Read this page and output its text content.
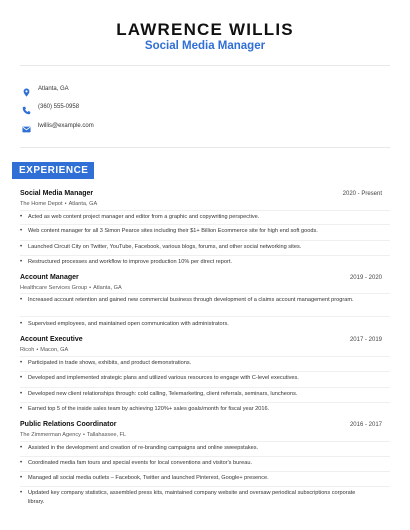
LAWRENCE WILLIS
Social Media Manager
Atlanta, GA
(360) 555-0958
lwillis@example.com
EXPERIENCE
Social Media Manager	2020 - Present
The Home Depot • Atlanta, GA
•	Acted as web content project manager and editor from a graphic and copywriting perspective.
•	Web content manager for all 3 Simon Pearce sites including their $1+ Billion Ecommerce site for high end soft goods.
•	Launched Circuit City on Twitter, YouTube, Facebook, various blogs, forums, and other social networking sites.
•	Restructured processes and workflow to improve production 10% per direct report.
Account Manager	2019 - 2020
Healthcare Services Group • Atlanta, GA
•	Increased account retention and gained new commercial business through development of a claims account management program.
•	Supervised employees, and maintained open communication with administrators.
Account Executive	2017 - 2019
Ricoh • Macon, GA
•	Participated in trade shows, exhibits, and product demonstrations.
•	Developed and implemented strategic plans and utilized various resources to engage with C-level executives.
•	Developed new client relationships through: cold calling, Telemarketing, client referrals, seminars, luncheons.
•	Earned top 5 of the inside sales team by achieving 120%+ sales goals/month for fiscal year 2016.
Public Relations Coordinator	2016 - 2017
The Zimmerman Agency • Tallahassee, FL
•	Assisted in the development and creation of re-branding campaigns and online sweepstakes.
•	Coordinated media fam tours and special events for local conventions and visitor's bureau.
•	Managed all social media outlets – Facebook, Twitter and launched Pinterest, Google+ presence.
•	Updated key company statistics, assembled press kits, maintained company website and oversaw periodical subscriptions corporate library.
